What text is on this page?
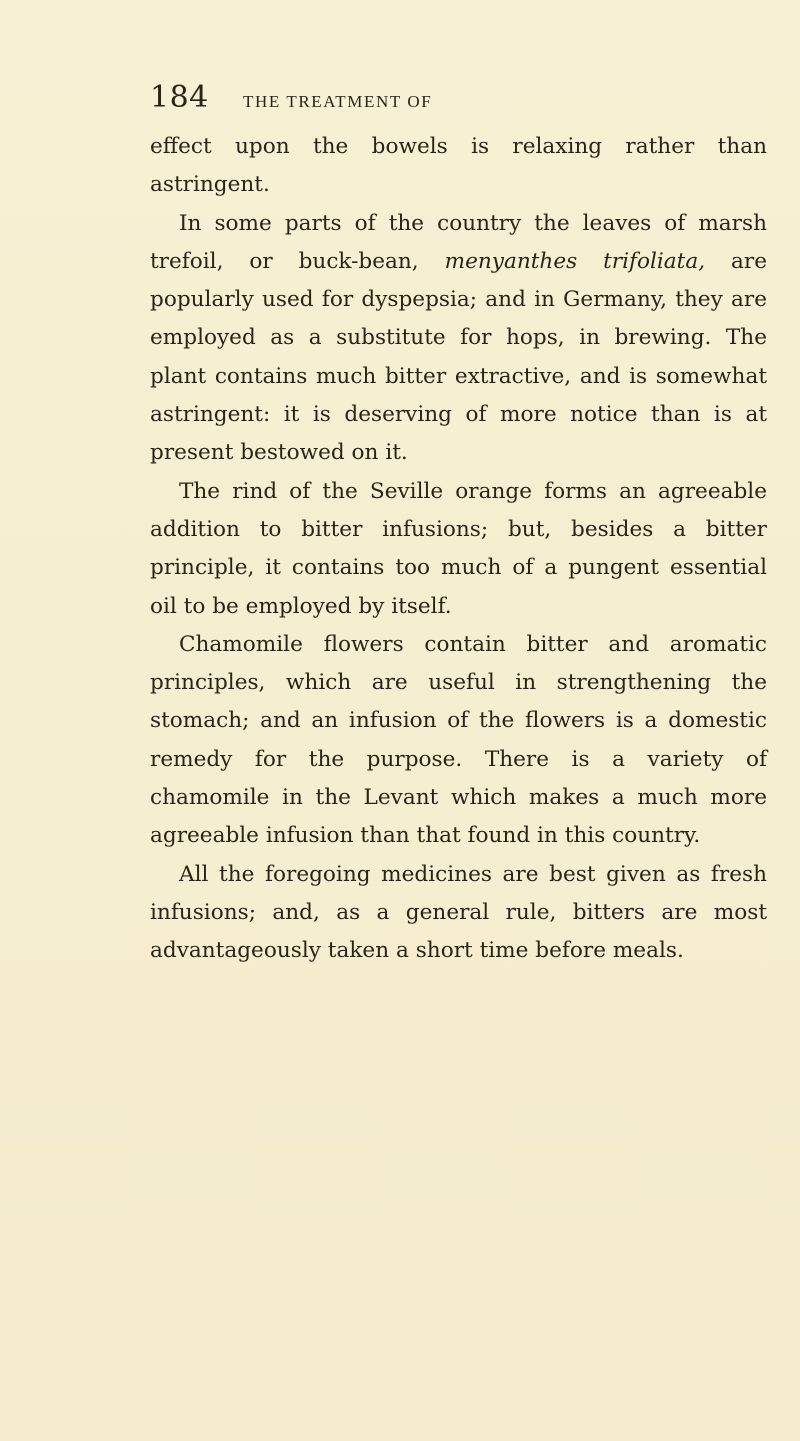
184 THE TREATMENT OF

effect upon the bowels is relaxing rather than astringent.

In some parts of the country the leaves of marsh trefoil, or buck-bean, menyanthes trifoliata, are popularly used for dyspepsia; and in Germany, they are employed as a substitute for hops, in brewing. The plant contains much bitter extractive, and is somewhat astringent: it is deserving of more notice than is at present bestowed on it.

The rind of the Seville orange forms an agreeable addition to bitter infusions; but, besides a bitter principle, it contains too much of a pungent essential oil to be employed by itself.

Chamomile flowers contain bitter and aromatic principles, which are useful in strengthening the stomach; and an infusion of the flowers is a domestic remedy for the purpose. There is a variety of chamomile in the Levant which makes a much more agreeable infusion than that found in this country.

All the foregoing medicines are best given as fresh infusions; and, as a general rule, bitters are most advantageously taken a short time before meals.
